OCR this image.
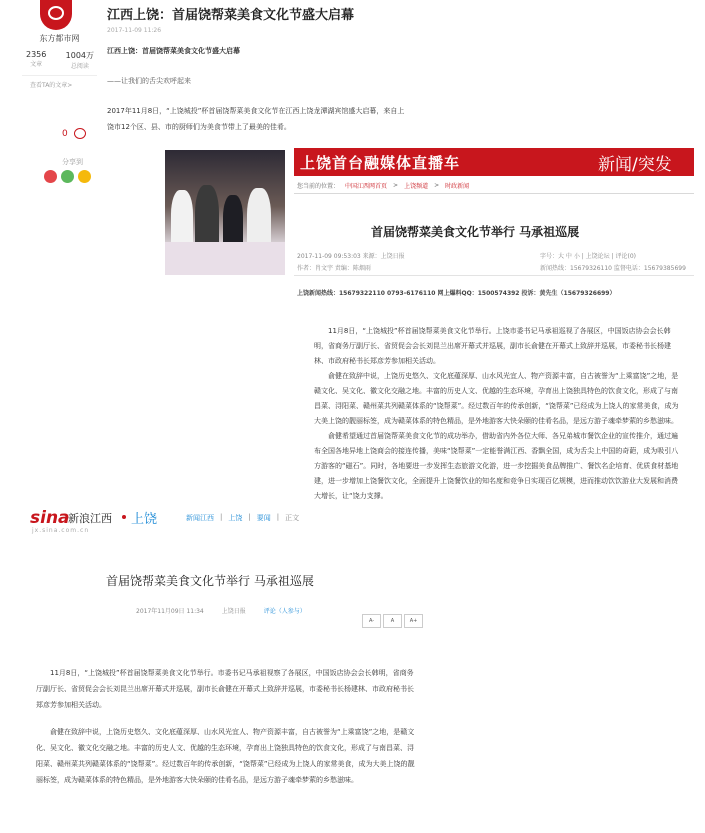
东方都市网
2356
文章
1004万
总阅读
查看TA的文章>
0
分享到
江西上饶：首届饶帮菜美食文化节盛大启幕
2017-11-09 11:26
江西上饶：首届饶帮菜美食文化节盛大启幕
——让我们的舌尖欢呼起来
2017年11月8日，“上饶城投”杯首届饶帮菜美食文化节在江西上饶龙潭湖宾馆盛大启幕，来自上饶市12个区、县、市的厨师们为美食节带上了最美的佳肴。
上饶首台融媒体直播车	新闻/突发
您当前的位置： 中国江西网首页 > 上饶频道 > 时政新闻
首届饶帮菜美食文化节举行 马承祖巡展
2017-11-09 09:53:03 来源：上饶日报	字号：大 中 小 | 上饶论坛 | 评论(0)
作者：肖文宇 责编：陈烟雨	新闻热线：15679326110 监督电话：15679385699
上饶新闻热线：15679322110 0793-6176110 网上爆料QQ：1500574392 投诉：黄先生（15679326699）

11月8日，“上饶城投”杯首届饶帮菜美食文化节举行。上饶市委书记马承祖巡视了各展区，中国饭店协会会长韩明，省商务厅副厅长、省贸促会会长刘昆兰出席开幕式并巡展，副市长俞健在开幕式上致辞并巡展，市委秘书长杨建林、市政府秘书长郑彦芳参加相关活动。

俞健在致辞中说，上饶历史悠久、文化底蕴深厚、山水风光宜人、物产资源丰富，自古被誉为“上乘富饶”之地，是赣文化、吴文化、徽文化交融之地。丰富的历史人文、优越的生态环境，孕育出上饶独具特色的饮食文化，形成了与南昌菜、浔阳菜、赣州菜共列赣菜体系的“饶帮菜”。经过数百年的传承创新，“饶帮菜”已经成为上饶人的家常美食，成为大美上饶的靓丽标签，成为赣菜体系的特色精品，是外地游客大快朵颐的佳肴名品，是远方游子魂牵梦萦的乡愁滋味。

俞健希望通过首届饶帮菜美食文化节的成功举办，借助省内外各位大师、各兄弟城市餐饮企业的宣传推介，通过遍布全国各地异地上饶商会的接连传播，美味“饶帮菜”一定能誉满江西、香飘全国，成为舌尖上中国的奇葩，成为吸引八方游客的“磁石”。同时，各地要进一步发挥生态旅游文化游，进一步挖掘美食品牌推广、餐饮名企培育、优质食材基地建，进一步增加上饶餐饮文化，全面提升上饶餐饮业的知名度和竞争日实现百亿规模，进而推动饮饮游业大发展和消费大增长，让“饶力支撑。

sina
新浪江西 上饶	新闻江西 | 上饶 | 要闻 | 正文
jx.sina.com.cn
首届饶帮菜美食文化节举行 马承祖巡展
2017年11月09日 11:34	上饶日报	评论（人参与）
A-	A	A+

11月8日，“上饶城投”杯首届饶帮菜美食文化节举行。市委书记马承祖视察了各展区，中国饭店协会会长韩明，省商务厅副厅长、省贸促会会长刘昆兰出席开幕式并巡展，副市长俞健在开幕式上致辞并巡展，市委秘书长杨建林、市政府秘书长郑彦芳参加相关活动。

俞健在致辞中说，上饶历史悠久、文化底蕴深厚、山水风光宜人、物产资源丰富，自古被誉为“上乘富饶”之地，是赣文化、吴文化、徽文化交融之地。丰富的历史人文、优越的生态环境，孕育出上饶独具特色的饮食文化，形成了与南昌菜、浔阳菜、赣州菜共列赣菜体系的“饶帮菜”。经过数百年的传承创新，“饶帮菜”已经成为上饶人的家常美食，成为大美上饶的靓丽标签，成为赣菜体系的特色精品，是外地游客大快朵颐的佳肴名品，是远方游子魂牵梦萦的乡愁滋味。
